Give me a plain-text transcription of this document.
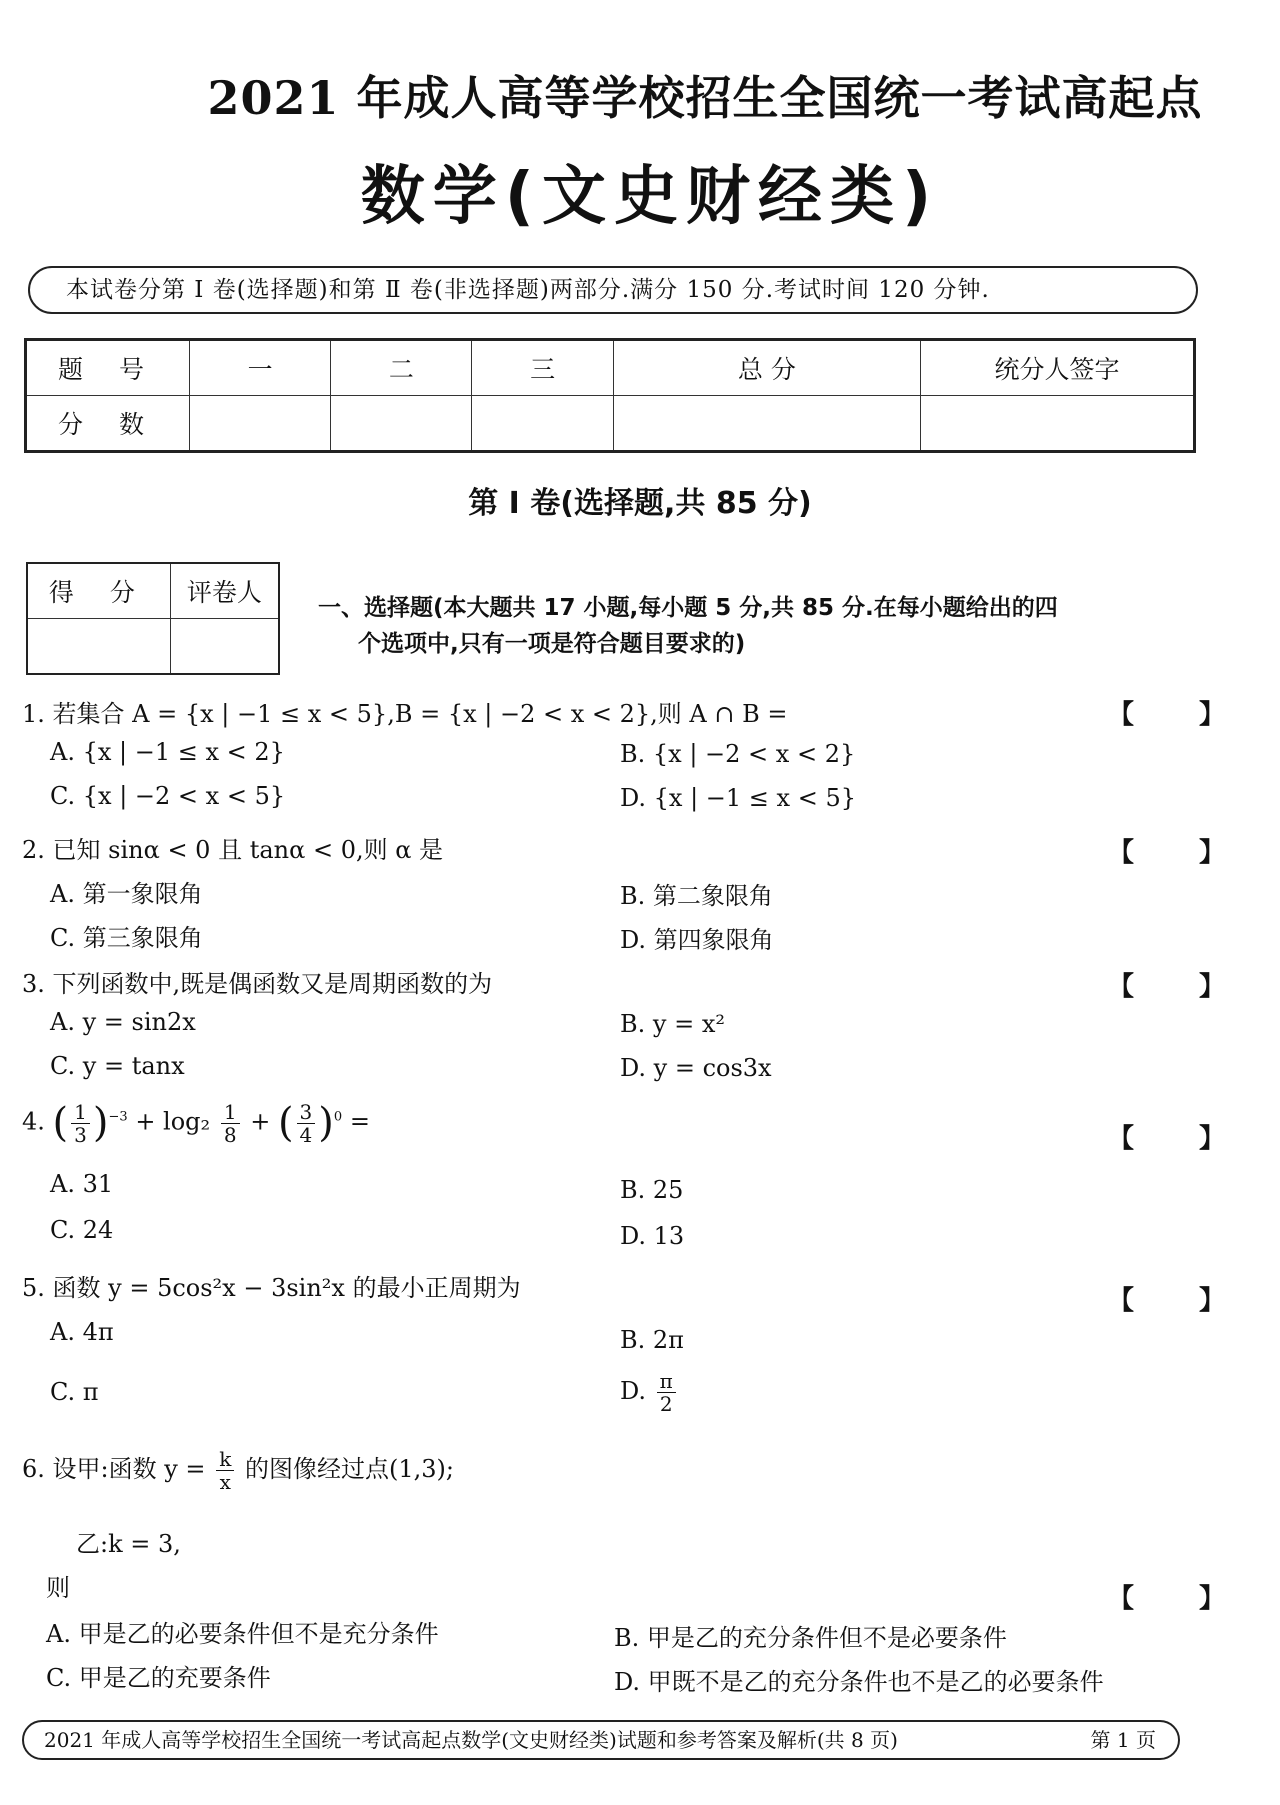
2021 年成人高等学校招生全国统一考试高起点
数学(文史财经类)
本试卷分第 Ⅰ 卷(选择题)和第 Ⅱ 卷(非选择题)两部分.满分 150 分.考试时间 120 分钟.
题 号	一	二	三	总 分	统分人签字
分 数					
第 Ⅰ 卷(选择题,共 85 分)
得 分	评卷人

一、选择题(本大题共 17 小题,每小题 5 分,共 85 分.在每小题给出的四
个选项中,只有一项是符合题目要求的)
1. 若集合 A = {x | −1 ≤ x < 5},B = {x | −2 < x < 2},则 A ∩ B =	【 】
A. {x | −1 ≤ x < 2}	B. {x | −2 < x < 2}
C. {x | −2 < x < 5}	D. {x | −1 ≤ x < 5}
2. 已知 sinα < 0 且 tanα < 0,则 α 是	【 】
A. 第一象限角	B. 第二象限角
C. 第三象限角	D. 第四象限角
3. 下列函数中,既是偶函数又是周期函数的为	【 】
A. y = sin2x	B. y = x²
C. y = tanx	D. y = cos3x
4. ( $\frac{1}{3} )^{-3} + \log_2 \frac{1}{8}$ + ( $\frac{3}{4} )^0$ =
【 】
A. 31	B. 25
C. 24	D. 13
5. 函数 y = 5cos²x − 3sin²x 的最小正周期为	【 】
A. 4π	B. 2π
C. π	D. $\frac{\pi}{2}$
6. 设甲:函数 $y = \frac{k}{x}$ 的图像经过点(1,3);
乙:k = 3,
则	【 】
A. 甲是乙的必要条件但不是充分条件	B. 甲是乙的充分条件但不是必要条件
C. 甲是乙的充要条件	D. 甲既不是乙的充分条件也不是乙的必要条件
2021 年成人高等学校招生全国统一考试高起点数学(文史财经类)试题和参考答案及解析(共 8 页)	第 1 页
